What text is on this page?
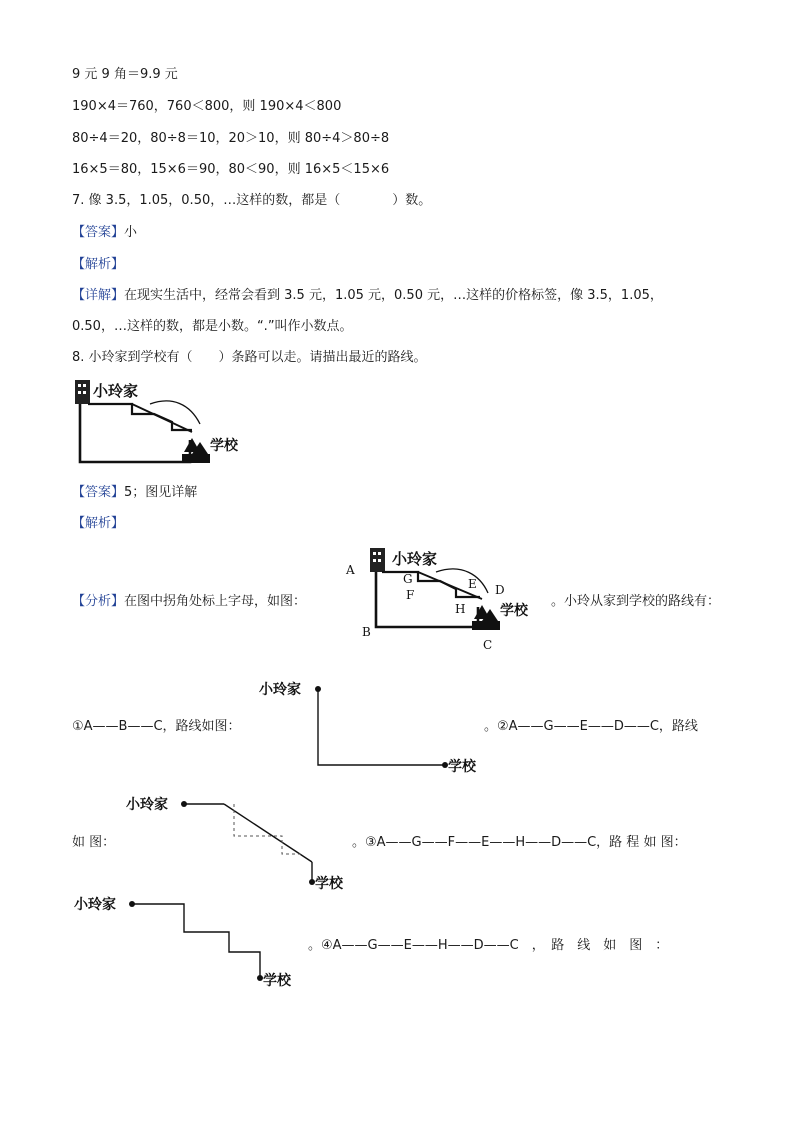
9 元 9 角＝9.9 元
190×4＝760，760＜800，则 190×4＜800
80÷4＝20，80÷8＝10，20＞10，则 80÷4＞80÷8
16×5＝80，15×6＝90，80＜90，则 16×5＜15×6
7. 像 3.5，1.05，0.50，…这样的数，都是（　　　　）数。
【答案】小
【解析】
【详解】在现实生活中，经常会看到 3.5 元，1.05 元，0.50 元，…这样的价格标签，像 3.5，1.05，
0.50，…这样的数，都是小数。“.”叫作小数点。
8. 小玲家到学校有（　　）条路可以走。请描出最近的路线。
小玲家
学校
【答案】5；图见详解
【解析】
【分析】在图中拐角处标上字母，如图：	。小玲从家到学校的路线有：
小玲家
A
B
C
D
E
F
G
H 学校
①A——B——C，路线如图：
小玲家
学校
。②A——G——E——D——C，路线
小玲家
学校
如 图：	。③A——G——F——E——H——D——C，路 程 如 图：
小玲家
学校
。④A——G——E——H——D——C　，　路　线　如　图　：
